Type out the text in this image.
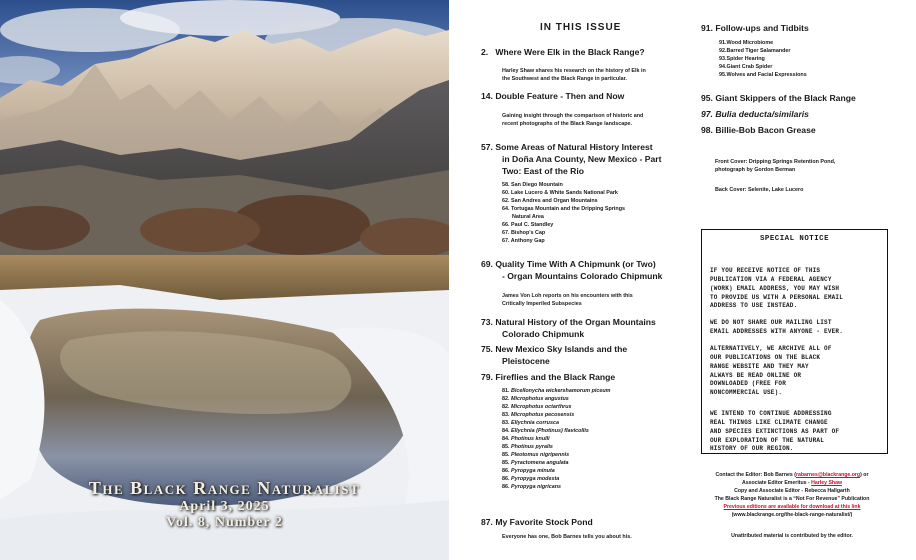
The Black Range Naturalist
April 3, 2025
Vol. 8, Number 2
IN THIS ISSUE
2. Where Were Elk in the Black Range?
Harley Shaw shares his research on the history of Elk in
the Southwest and the Black Range in particular.
14. Double Feature - Then and Now
Gaining insight through the comparison of historic and
recent photographs of the Black Range landscape.
57. Some Areas of Natural History Interest
in Doña Ana County, New Mexico - Part
Two: East of the Rio
58. San Diego Mountain
60. Lake Lucero & White Sands National Park
62. San Andres and Organ Mountains
64. Tortugas Mountain and the Dripping Springs
Natural Area
66. Paul C. Standley
67. Bishop's Cap
67. Anthony Gap
69. Quality Time With A Chipmunk (or Two)
- Organ Mountains Colorado Chipmunk
James Von Loh reports on his encounters with this
Critically Imperiled Subspecies
73. Natural History of the Organ Mountains
Colorado Chipmunk
75. New Mexico Sky Islands and the
Pleistocene
79. Fireflies and the Black Range
81. Bicellonycha wickershamorum piceum
82. Microphotus angustus
82. Microphotus octarthrus
83. Microphotus pecosensis
83. Ellychnia corrusca
84. Ellychnia (Photinus) flavicollis
84. Photinus knulli
85. Photinus pyralis
85. Pleotomus nigripennis
85. Pyractomena angulata
86. Pyropyga minuta
86. Pyropyga modesta
86. Pyropyga nigricans
87. My Favorite Stock Pond
Everyone has one, Bob Barnes tells you about his.
91. Follow-ups and Tidbits
91.Wood Microbiome
92.Barred Tiger Salamander
93.Spider Hearing
94.Giant Crab Spider
95.Wolves and Facial Expressions
95. Giant Skippers of the Black Range
97. Bulia deducta/similaris
98. Billie-Bob Bacon Grease
Front Cover: Dripping Springs Retention Pond,
photograph by Gordon Berman
Back Cover: Selenite, Lake Lucero
SPECIAL NOTICE

IF YOU RECEIVE NOTICE OF THIS
PUBLICATION VIA A FEDERAL AGENCY
(WORK) EMAIL ADDRESS, YOU MAY WISH
TO PROVIDE US WITH A PERSONAL EMAIL
ADDRESS TO USE INSTEAD.

WE DO NOT SHARE OUR MAILING LIST
EMAIL ADDRESSES WITH ANYONE - EVER.

ALTERNATIVELY, WE ARCHIVE ALL OF
OUR PUBLICATIONS ON THE BLACK
RANGE WEBSITE AND THEY MAY
ALWAYS BE READ ONLINE OR
DOWNLOADED (FREE FOR
NONCOMMERCIAL USE).

WE INTEND TO CONTINUE ADDRESSING
REAL THINGS LIKE CLIMATE CHANGE
AND SPECIES EXTINCTIONS AS PART OF
OUR EXPLORATION OF THE NATURAL
HISTORY OF OUR REGION.

Contact the Editor: Bob Barnes (rabarnes@blackrange.org) or
Associate Editor Emeritus - Harley Shaw
Copy and Associate Editor - Rebecca Hallgarth
The Black Range Naturalist is a “Not For Revenue” Publication
Previous editions are available for download at this link
(www.blackrange.org/the-black-range-naturalist/)
Unattributed material is contributed by the editor.
